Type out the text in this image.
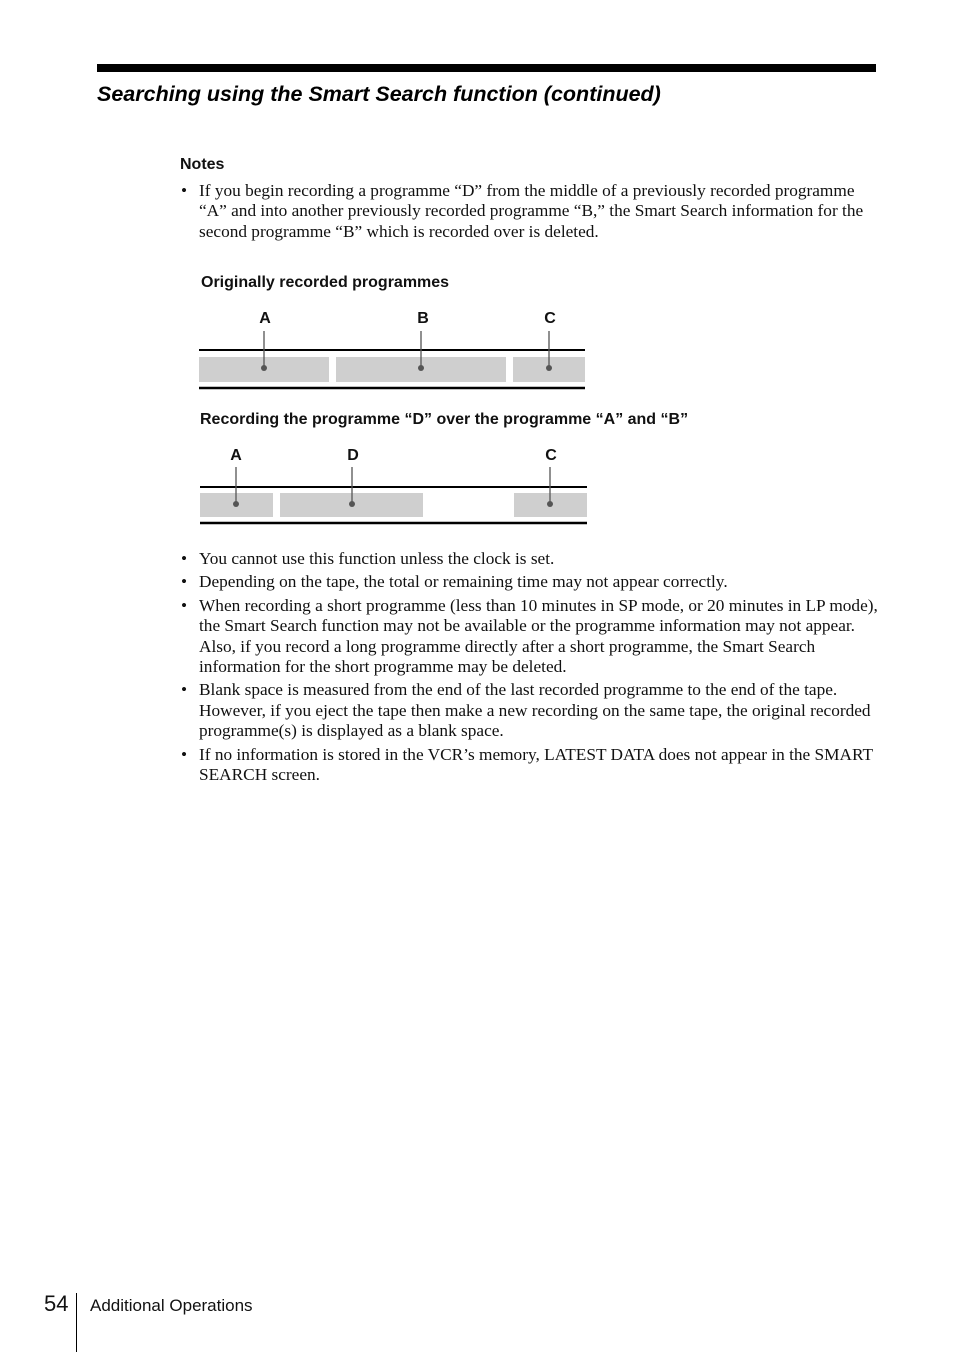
Searching using the Smart Search function (continued)
Notes
• If you begin recording a programme “D” from the middle of a previously recorded programme “A” and into another previously recorded programme “B,” the Smart Search information for the second programme “B” which is recorded over is deleted.
Originally recorded programmes
A	B	C
A	D	C
Recording the programme “D” over the programme “A” and “B”
• You cannot use this function unless the clock is set.
• Depending on the tape, the total or remaining time may not appear correctly.
• When recording a short programme (less than 10 minutes in SP mode, or 20 minutes in LP mode), the Smart Search function may not be available or the programme information may not appear. Also, if you record a long programme directly after a short programme, the Smart Search information for the short programme may be deleted.
• Blank space is measured from the end of the last recorded programme to the end of the tape. However, if you eject the tape then make a new recording on the same tape, the original recorded programme(s) is displayed as a blank space.
• If no information is stored in the VCR’s memory, LATEST DATA does not appear in the SMART SEARCH screen.
54 Additional Operations
